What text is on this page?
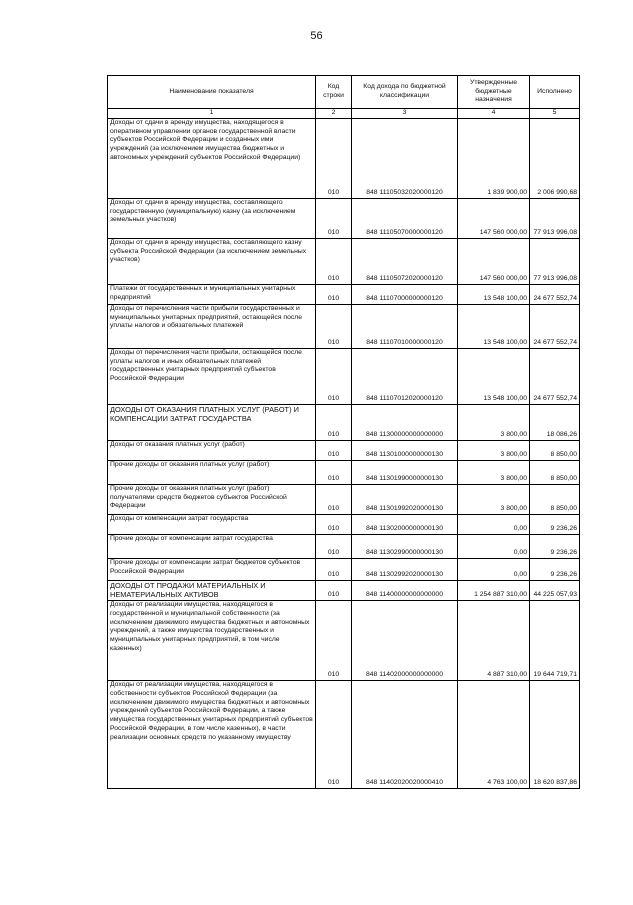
56
Наименование показателя	Код строки	Код дохода по бюджетной классификации	Утвержденные бюджетные назначения	Исполнено
1	2	3	4	5
Доходы от сдачи в аренду имущества, находящегося в оперативном управлении органов государственной власти субъектов Российской Федерации и созданных ими учреждений (за исключением имущества бюджетных и автономных учреждений субъектов Российской Федерации)	010	848 11105032020000120	1 839 900,00	2 006 990,68
Доходы от сдачи в аренду имущества, составляющего государственную (муниципальную) казну (за исключением земельных участков)	010	848 11105070000000120	147 560 000,00	77 913 996,08
Доходы от сдачи в аренду имущества, составляющего казну субъекта Российской Федерации (за исключением земельных участков)	010	848 11105072020000120	147 560 000,00	77 913 996,08
Платежи от государственных и муниципальных унитарных предприятий	010	848 11107000000000120	13 548 100,00	24 677 552,74
Доходы от перечисления части прибыли государственных и муниципальных унитарных предприятий, остающейся после уплаты налогов и обязательных платежей	010	848 11107010000000120	13 548 100,00	24 677 552,74
Доходы от перечисления части прибыли, остающейся после уплаты налогов и иных обязательных платежей государственных унитарных предприятий субъектов Российской Федерации	010	848 11107012020000120	13 548 100,00	24 677 552,74
ДОХОДЫ ОТ ОКАЗАНИЯ ПЛАТНЫХ УСЛУГ (РАБОТ) И КОМПЕНСАЦИИ ЗАТРАТ ГОСУДАРСТВА	010	848 11300000000000000	3 800,00	18 086,26
Доходы от оказания платных услуг (работ)	010	848 11301000000000130	3 800,00	8 850,00
Прочие доходы от оказания платных услуг (работ)	010	848 11301990000000130	3 800,00	8 850,00
Прочие доходы от оказания платных услуг (работ) получателями средств бюджетов субъектов Российской Федерации	010	848 11301992020000130	3 800,00	8 850,00
Доходы от компенсации затрат государства	010	848 11302000000000130	0,00	9 236,26
Прочие доходы от компенсации затрат государства	010	848 11302990000000130	0,00	9 236,26
Прочие доходы от компенсации затрат бюджетов субъектов Российской Федерации	010	848 11302992020000130	0,00	9 236,26
ДОХОДЫ ОТ ПРОДАЖИ МАТЕРИАЛЬНЫХ И НЕМАТЕРИАЛЬНЫХ АКТИВОВ	010	848 11400000000000000	1 254 887 310,00	44 225 057,93
Доходы от реализации имущества, находящегося в государственной и муниципальной собственности (за исключением движимого имущества бюджетных и автономных учреждений, а также имущества государственных и муниципальных унитарных предприятий, в том числе казенных)	010	848 11402000000000000	4 887 310,00	19 644 719,71
Доходы от реализации имущества, находящегося в собственности субъектов Российской Федерации (за исключением движимого имущества бюджетных и автономных учреждений субъектов Российской Федерации, а также имущества государственных унитарных предприятий субъектов Российской Федерации, в том числе казенных), в части реализации основных средств по указанному имуществу	010	848 11402020020000410	4 763 100,00	18 620 837,86
